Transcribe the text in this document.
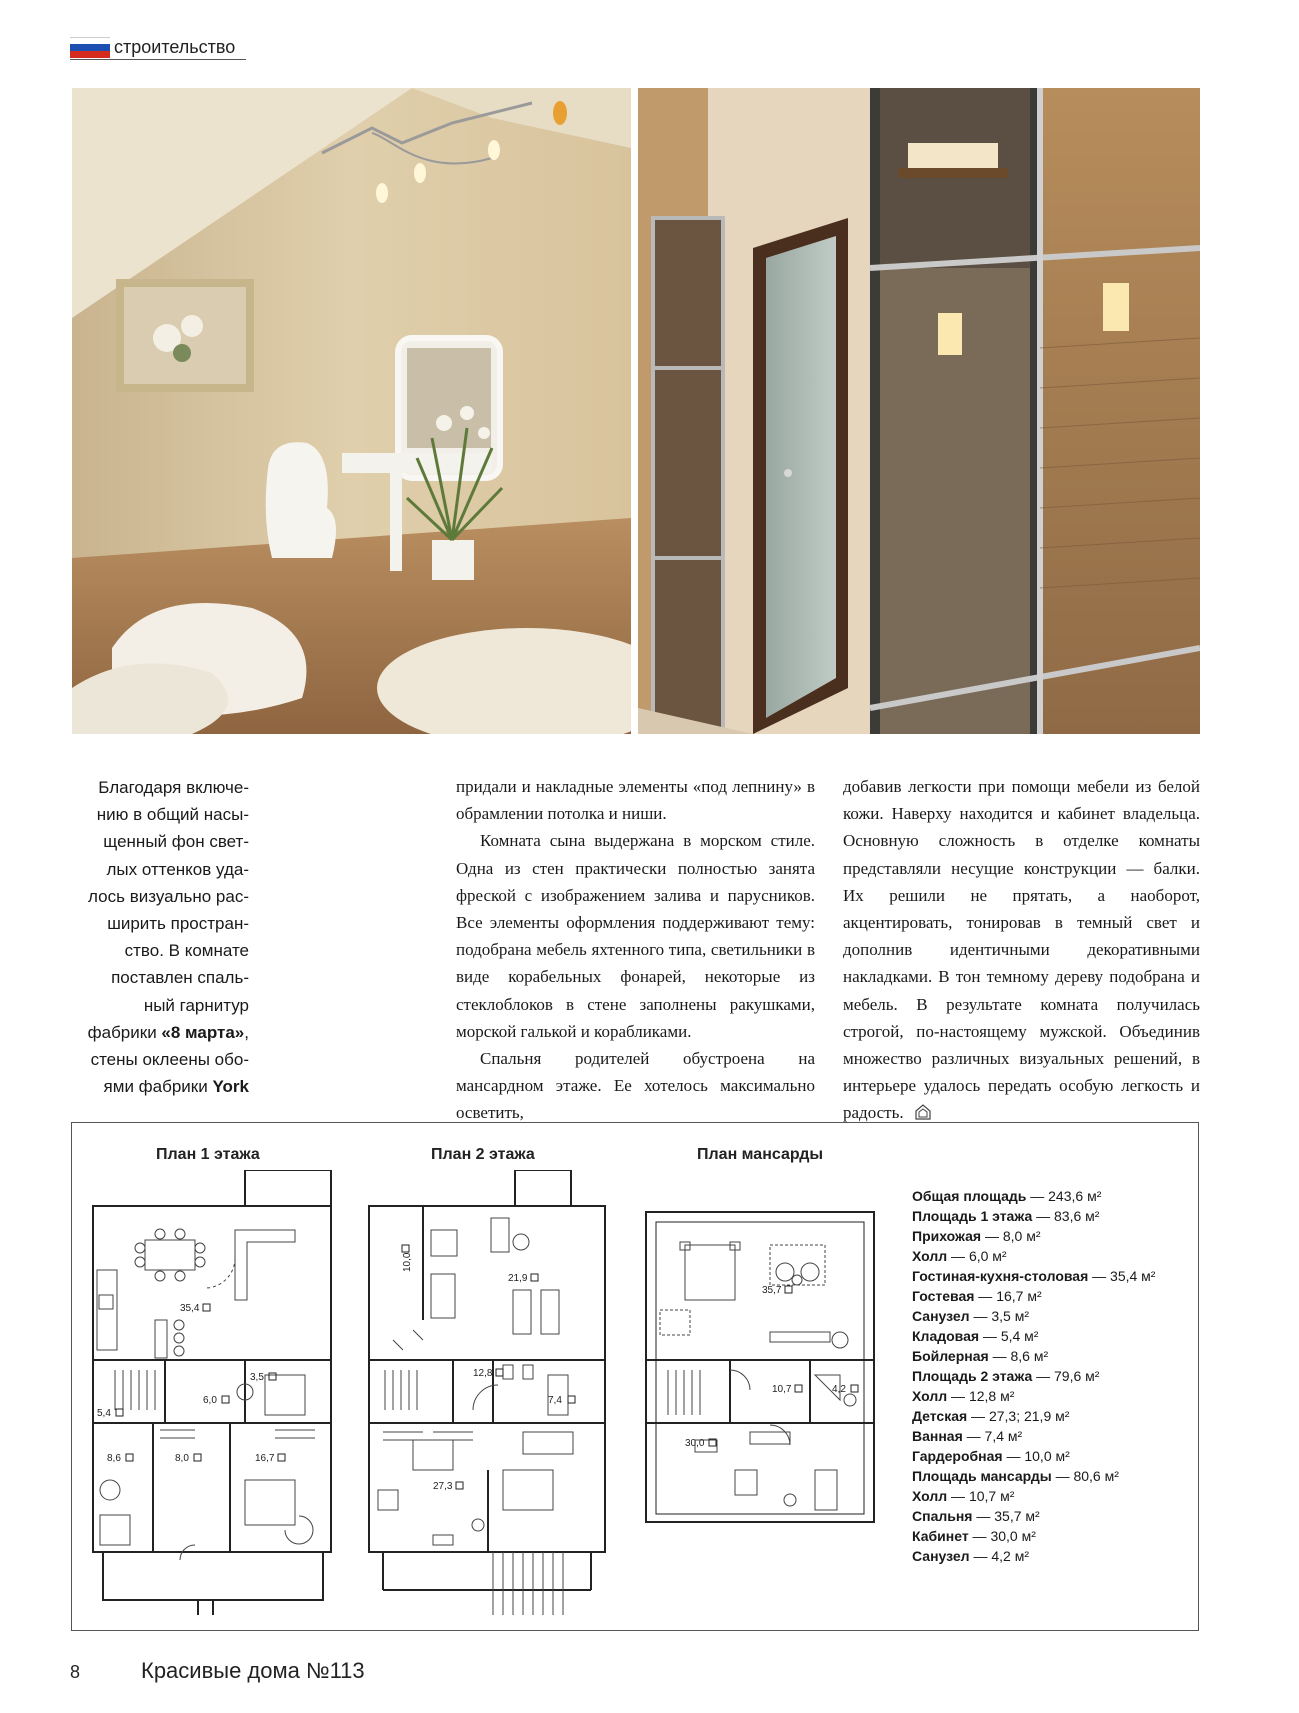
строительство
Благодаря включе-
нию в общий насы-
щенный фон свет-
лых оттенков уда-
лось визуально рас-
ширить простран-
ство. В комнате
поставлен спаль-
ный гарнитур
фабрики «8 марта»,
стены оклеены обо-
ями фабрики York

придали и накладные элементы «под лепнину» в обрамлении потолка и ниши.

Комната сына выдержана в морском стиле. Одна из стен практически полностью занята фреской с изображением залива и парусников. Все элементы оформления поддерживают тему: подобрана мебель яхтенного типа, светильники в виде корабельных фонарей, некоторые из стеклоблоков в стене заполнены ракушками, морской галькой и корабликами.

Спальня родителей обустроена на мансардном этаже. Ее хотелось максимально осветить,

добавив легкости при помощи мебели из белой кожи. Наверху находится и кабинет владельца. Основную сложность в отделке комнаты представляли несущие конструкции — балки. Их решили не прятать, а наоборот, акцентировать, тонировав в темный свет и дополнив идентичными декоративными накладками. В тон темному дереву подобрана и мебель. В результате комната получилась строгой, по-настоящему мужской. Объединив множество различных визуальных решений, в интерьере удалось передать особую легкость и радость.

План 1 этажа	План 2 этажа	План мансарды
35,4
3,5
6,0
5,4
8,6	8,0	16,7
10,0
21,9
12,8
7,4
27,3
35,7
10,7	4,2
30,0
Общая площадь — 243,6 м²
Площадь 1 этажа — 83,6 м²
Прихожая — 8,0 м²
Холл — 6,0 м²
Гостиная-кухня-столовая — 35,4 м²
Гостевая — 16,7 м²
Санузел — 3,5 м²
Кладовая — 5,4 м²
Бойлерная — 8,6 м²
Площадь 2 этажа — 79,6 м²
Холл — 12,8 м²
Детская — 27,3; 21,9 м²
Ванная — 7,4 м²
Гардеробная — 10,0 м²
Площадь мансарды — 80,6 м²
Холл — 10,7 м²
Спальня — 35,7 м²
Кабинет — 30,0 м²
Санузел — 4,2 м²
8	Красивые дома №113
